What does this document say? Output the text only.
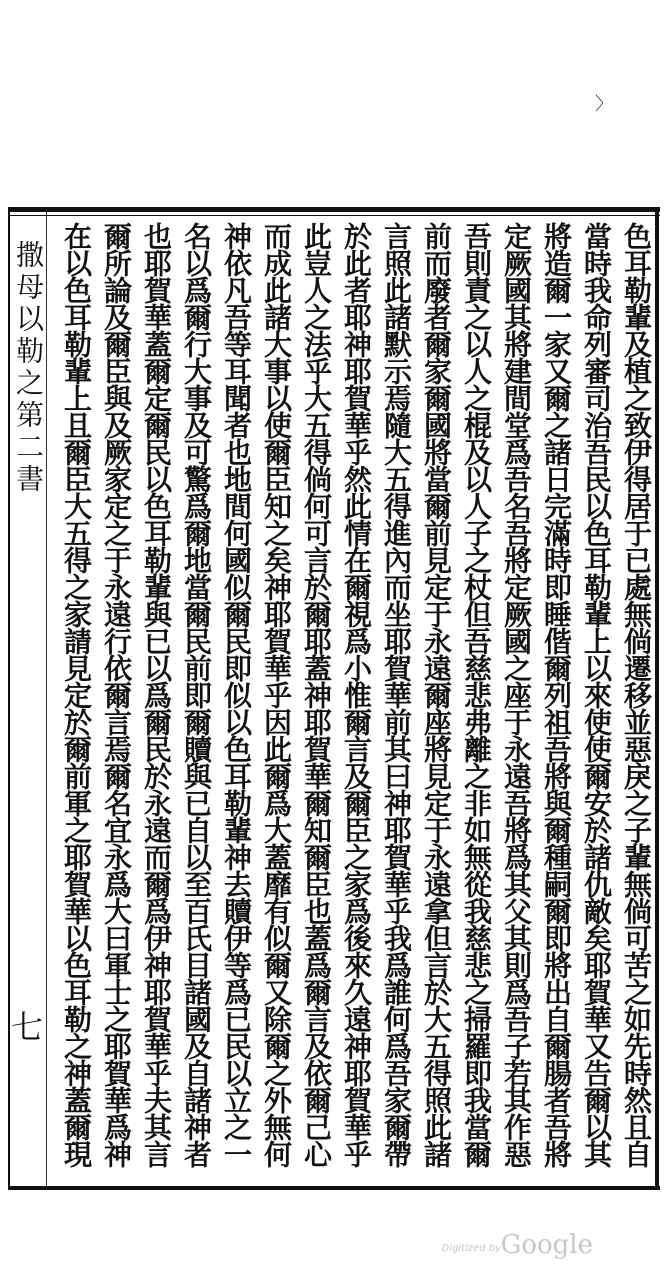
〉
撒母以勒之第二書
七	色耳勒輩及植之致伊得居于已處無倘遷移並惡戾之子輩無倘可苦之如先時然且自
當時我命列審司治吾民以色耳勒輩上以來使使爾安於諸仇敵矣耶賀華又告爾以其
將造爾一家又爾之諸日完滿時即睡偕爾列祖吾將與爾種嗣爾即將出自爾腸者吾將
定厥國其將建間堂爲吾名吾將定厥國之座于永遠吾將爲其父其則爲吾子若其作惡
吾則責之以人之棍及以人子之杖但吾慈悲弗離之非如無從我慈悲之掃羅即我當爾
前而廢者爾家爾國將當爾前見定于永遠爾座將見定于永遠拿但言於大五得照此諸
言照此諸默示焉隨大五得進內而坐耶賀華前其曰神耶賀華乎我爲誰何爲吾家爾帶
於此者耶神耶賀華乎然此情在爾視爲小惟爾言及爾臣之家爲後來久遠神耶賀華乎
此豈人之法乎大五得倘何可言於爾耶蓋神耶賀華爾知爾臣也蓋爲爾言及依爾己心
而成此諸大事以使爾臣知之矣神耶賀華乎因此爾爲大蓋靡有似爾又除爾之外無何
神依凡吾等耳聞者也地間何國似爾民即似以色耳勒輩神去贖伊等爲已民以立之一
名以爲爾行大事及可驚爲爾地當爾民前即爾贖與已自以至百氏目諸國及自諸神者
也耶賀華蓋爾定爾民以色耳勒輩與已以爲爾民於永遠而爾爲伊神耶賀華乎夫其言
爾所論及爾臣與及厥家定之于永遠行依爾言焉爾名宜永爲大曰軍士之耶賀華爲神
在以色耳勒輩上且爾臣大五得之家請見定於爾前軍之耶賀華以色耳勒之神蓋爾現
Digitized by Google
